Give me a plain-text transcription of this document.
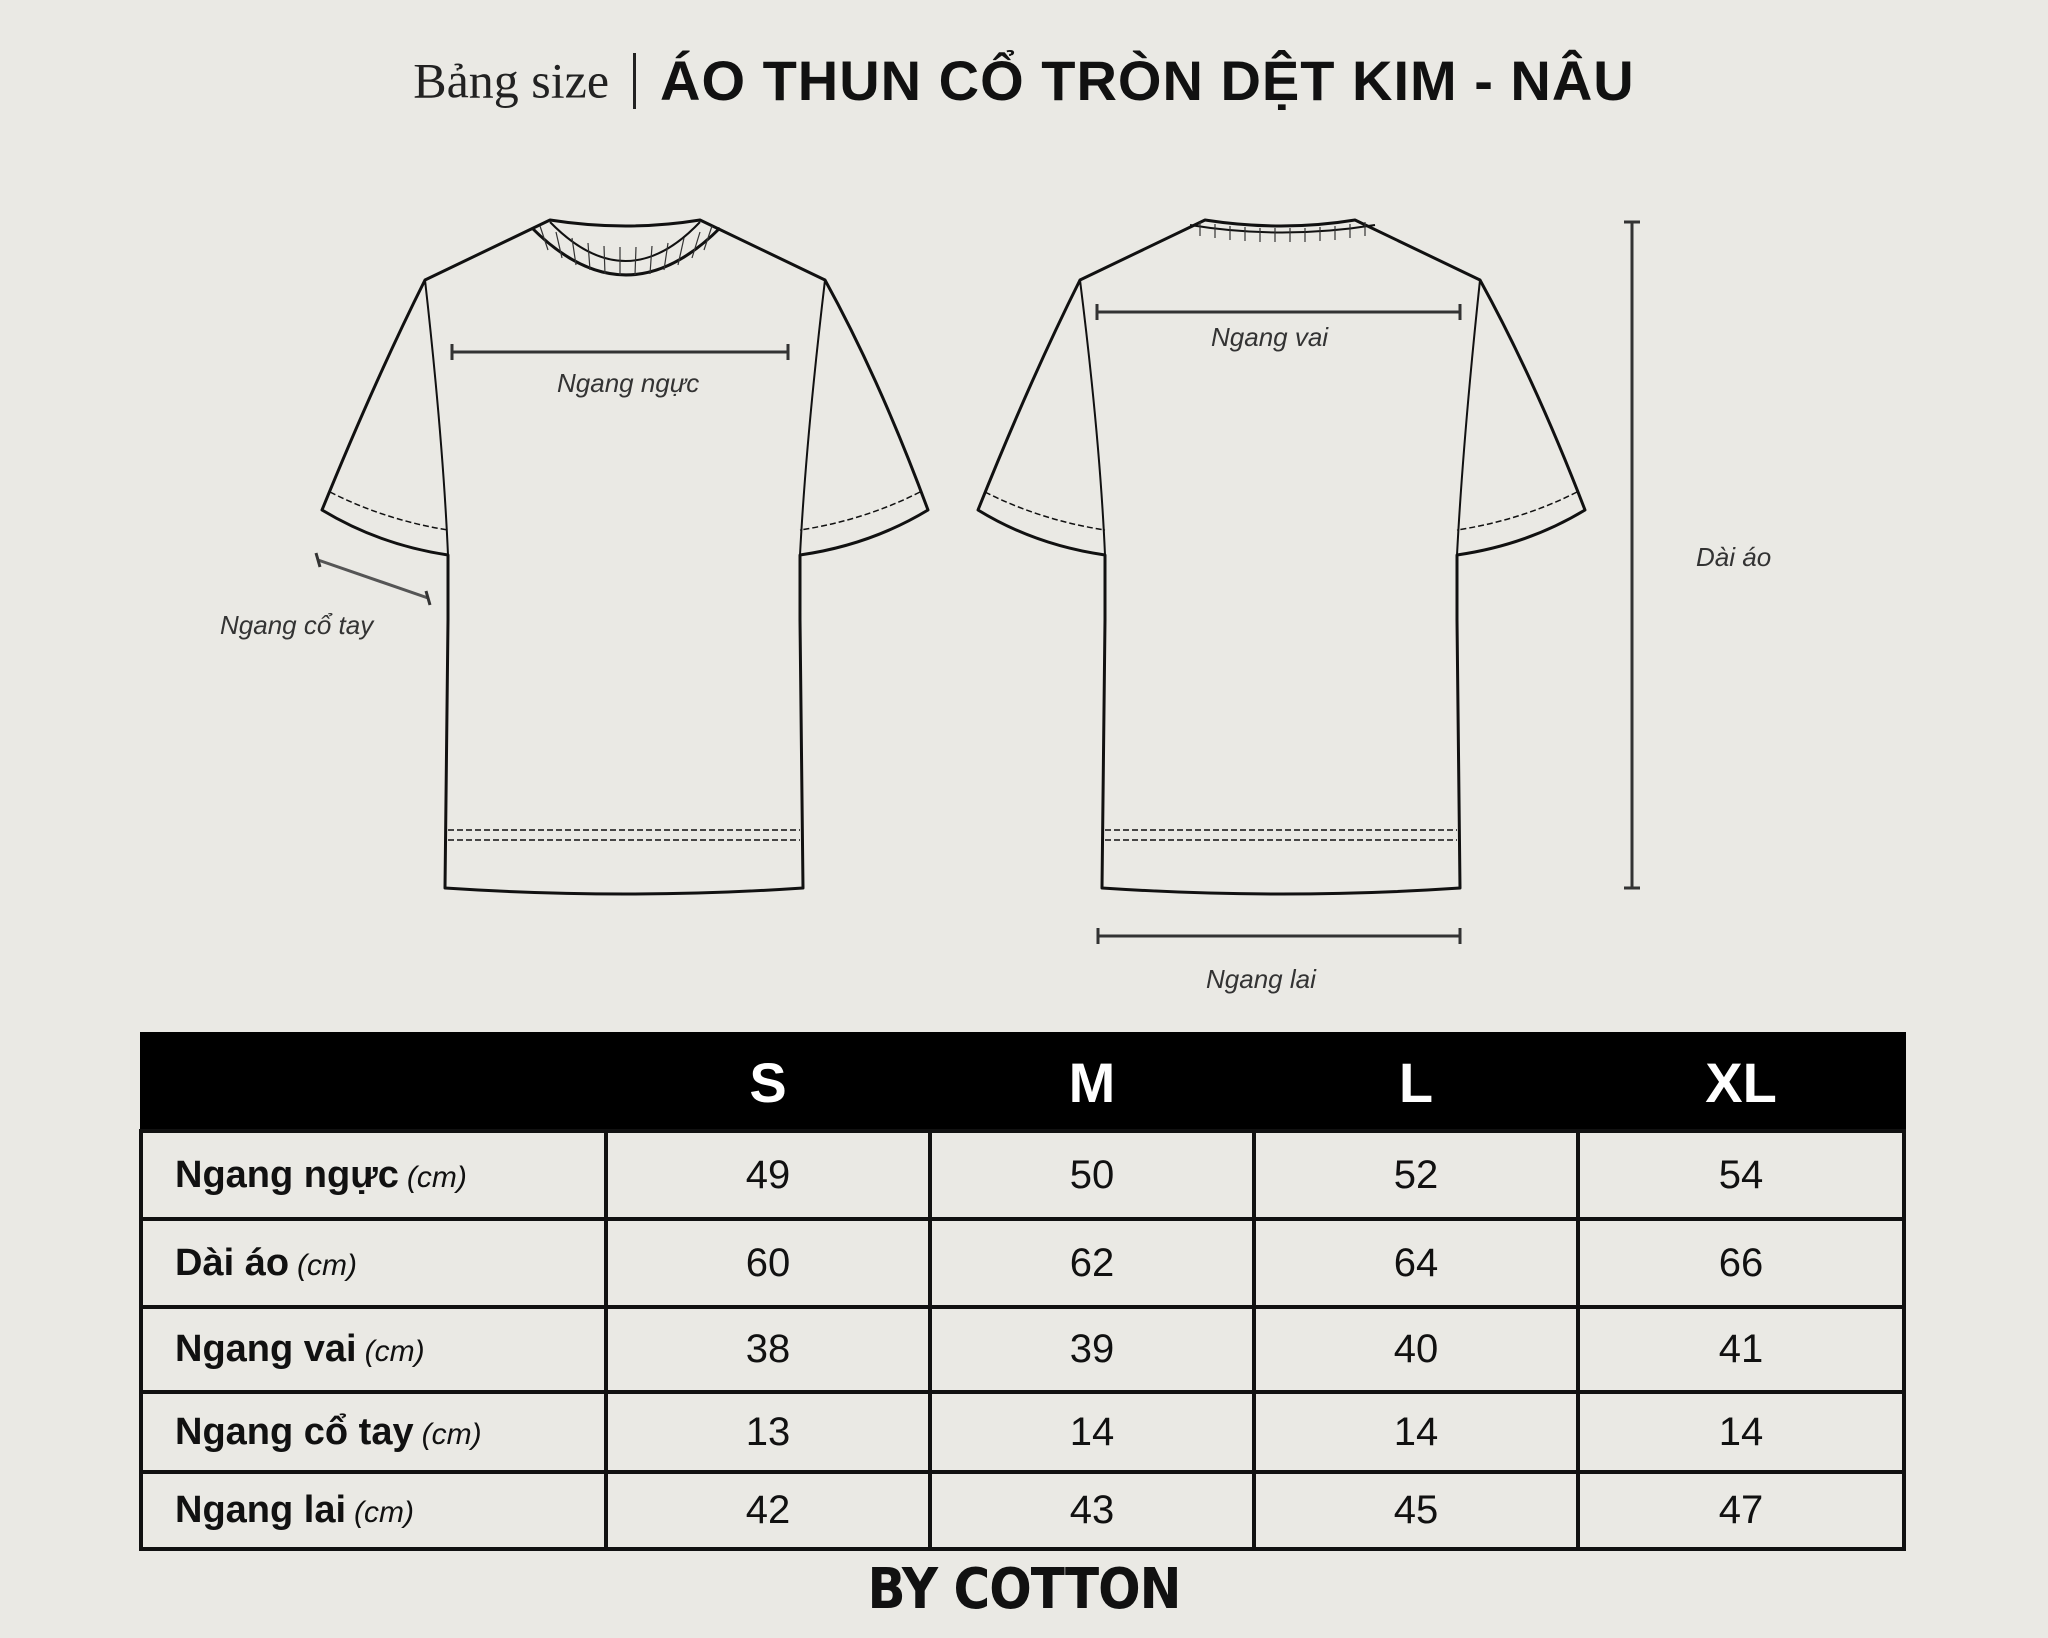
Bảng size ÁO THUN CỔ TRÒN DỆT KIM - NÂU
Ngang ngực
Ngang cổ tay
Ngang vai
Ngang lai
Dài áo
	S	M	L	XL
Ngang ngực (cm)	49	50	52	54
Dài áo (cm)	60	62	64	66
Ngang vai (cm)	38	39	40	41
Ngang cổ tay (cm)	13	14	14	14
Ngang lai (cm)	42	43	45	47
BY COTTON
